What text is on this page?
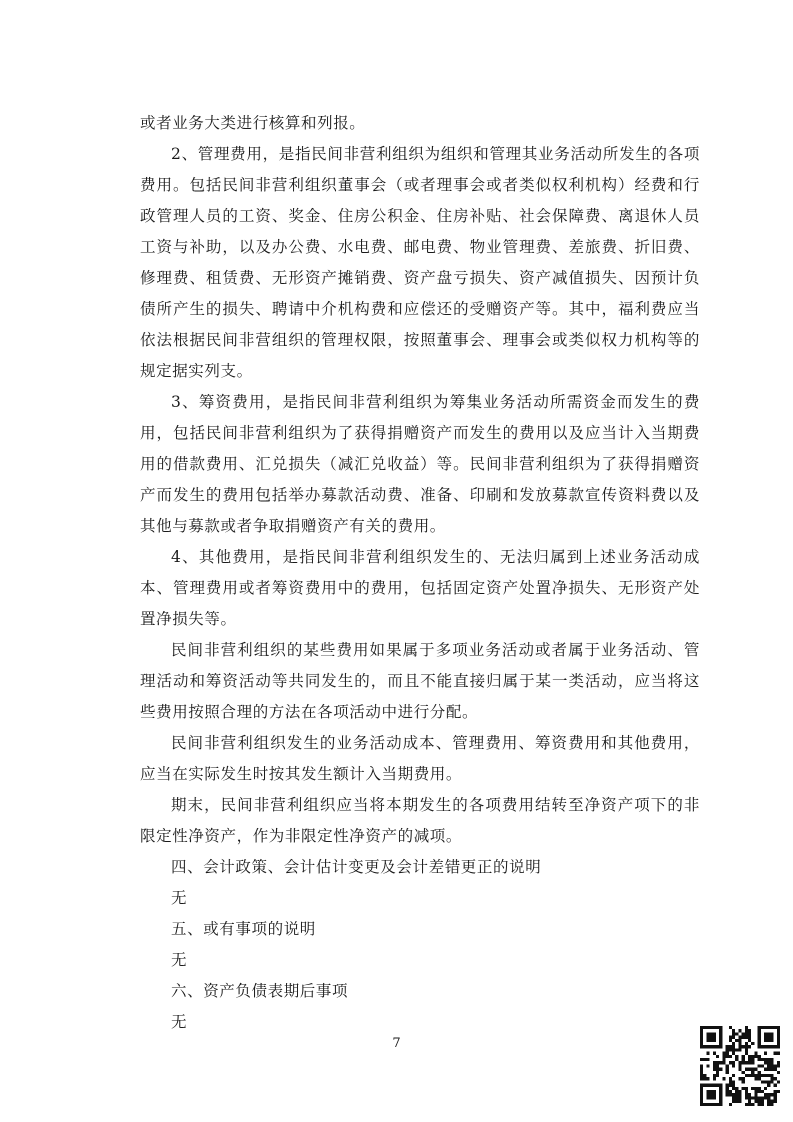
或者业务大类进行核算和列报。

2、管理费用，是指民间非营利组织为组织和管理其业务活动所发生的各项费用。包括民间非营利组织董事会（或者理事会或者类似权利机构）经费和行政管理人员的工资、奖金、住房公积金、住房补贴、社会保障费、离退休人员工资与补助，以及办公费、水电费、邮电费、物业管理费、差旅费、折旧费、修理费、租赁费、无形资产摊销费、资产盘亏损失、资产减值损失、因预计负债所产生的损失、聘请中介机构费和应偿还的受赠资产等。其中，福利费应当依法根据民间非营组织的管理权限，按照董事会、理事会或类似权力机构等的规定据实列支。

3、筹资费用，是指民间非营利组织为筹集业务活动所需资金而发生的费用，包括民间非营利组织为了获得捐赠资产而发生的费用以及应当计入当期费用的借款费用、汇兑损失（减汇兑收益）等。民间非营利组织为了获得捐赠资产而发生的费用包括举办募款活动费、准备、印刷和发放募款宣传资料费以及其他与募款或者争取捐赠资产有关的费用。

4、其他费用，是指民间非营利组织发生的、无法归属到上述业务活动成本、管理费用或者筹资费用中的费用，包括固定资产处置净损失、无形资产处置净损失等。

民间非营利组织的某些费用如果属于多项业务活动或者属于业务活动、管理活动和筹资活动等共同发生的，而且不能直接归属于某一类活动，应当将这些费用按照合理的方法在各项活动中进行分配。

民间非营利组织发生的业务活动成本、管理费用、筹资费用和其他费用，应当在实际发生时按其发生额计入当期费用。

期末，民间非营利组织应当将本期发生的各项费用结转至净资产项下的非限定性净资产，作为非限定性净资产的减项。

四、会计政策、会计估计变更及会计差错更正的说明

无

五、或有事项的说明

无

六、资产负债表期后事项

无

7
